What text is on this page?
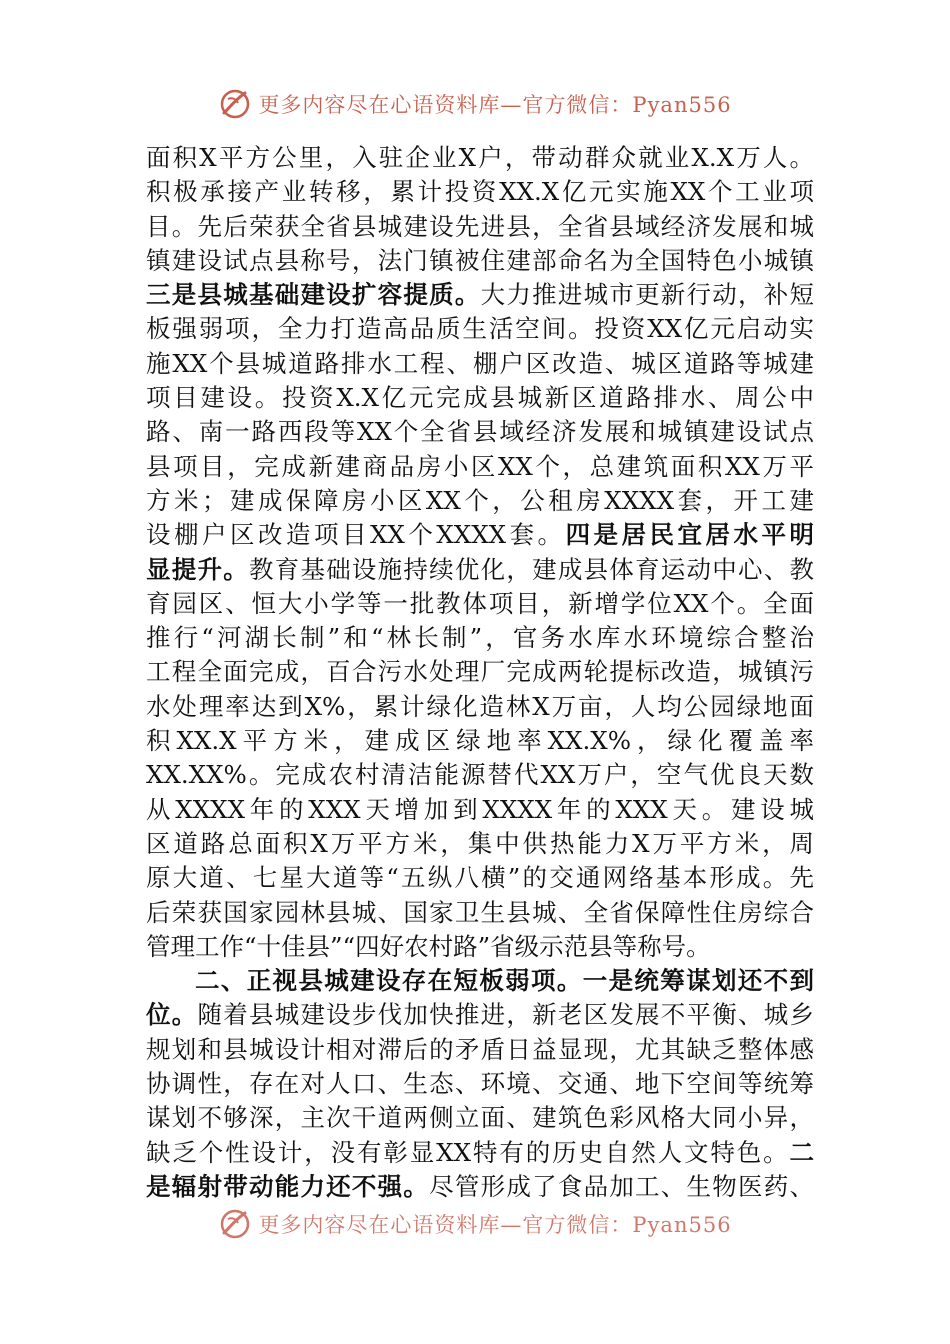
更多内容尽在心语资料库—官方微信：Pyan556
面积X平方公里，入驻企业X户，带动群众就业X.X万人。
积极承接产业转移，累计投资XX.X亿元实施XX个工业项
目。先后荣获全省县城建设先进县，全省县域经济发展和城
镇建设试点县称号，法门镇被住建部命名为全国特色小城镇
三是县城基础建设扩容提质。大力推进城市更新行动，补短
板强弱项，全力打造高品质生活空间。投资XX亿元启动实
施XX个县城道路排水工程、棚户区改造、城区道路等城建
项目建设。投资X.X亿元完成县城新区道路排水、周公中
路、南一路西段等XX个全省县域经济发展和城镇建设试点
县项目，完成新建商品房小区XX个，总建筑面积XX万平
方米；建成保障房小区XX个，公租房XXXX套，开工建
设棚户区改造项目XX个XXXX套。四是居民宜居水平明
显提升。教育基础设施持续优化，建成县体育运动中心、教
育园区、恒大小学等一批教体项目，新增学位XX个。全面
推行“河湖长制”和“林长制”，官务水库水环境综合整治
工程全面完成，百合污水处理厂完成两轮提标改造，城镇污
水处理率达到X%，累计绿化造林X万亩，人均公园绿地面
积XX.X平方米，建成区绿地率XX.X%，绿化覆盖率
XX.XX%。完成农村清洁能源替代XX万户，空气优良天数
从XXXX年的XXX天增加到XXXX年的XXX天。建设城
区道路总面积X万平方米，集中供热能力X万平方米，周
原大道、七星大道等“五纵八横”的交通网络基本形成。先
后荣获国家园林县城、国家卫生县城、全省保障性住房综合
管理工作“十佳县”“四好农村路”省级示范县等称号。
二、正视县城建设存在短板弱项。一是统筹谋划还不到
位。随着县城建设步伐加快推进，新老区发展不平衡、城乡
规划和县城设计相对滞后的矛盾日益显现，尤其缺乏整体感
协调性，存在对人口、生态、环境、交通、地下空间等统筹
谋划不够深，主次干道两侧立面、建筑色彩风格大同小异，
缺乏个性设计，没有彰显XX特有的历史自然人文特色。二
是辐射带动能力还不强。尽管形成了食品加工、生物医药、
更多内容尽在心语资料库—官方微信：Pyan556
